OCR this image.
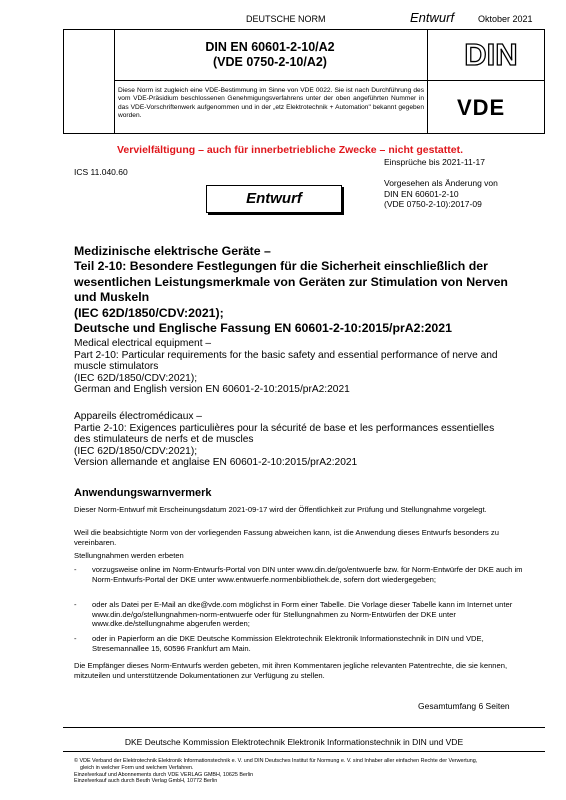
DEUTSCHE NORM	Entwurf	Oktober 2021
DIN EN 60601-2-10/A2
(VDE 0750-2-10/A2)	DIN
Diese Norm ist zugleich eine VDE-Bestimmung im Sinne von VDE 0022. Sie ist nach Durchführung des vom VDE-Präsidium beschlossenen Genehmigungsverfahrens unter der oben angeführten Nummer in das VDE-Vorschriftenwerk aufgenommen und in der „etz Elektrotechnik + Automation" bekannt gegeben worden.	VDE
Vervielfältigung – auch für innerbetriebliche Zwecke – nicht gestattet.
ICS 11.040.60
Einsprüche bis 2021-11-17
Vorgesehen als Änderung von
DIN EN 60601-2-10
(VDE 0750-2-10):2017-09
Entwurf
Medizinische elektrische Geräte –
Teil 2-10: Besondere Festlegungen für die Sicherheit einschließlich der
wesentlichen Leistungsmerkmale von Geräten zur Stimulation von Nerven
und Muskeln
(IEC 62D/1850/CDV:2021);
Deutsche und Englische Fassung EN 60601-2-10:2015/prA2:2021
Medical electrical equipment –
Part 2-10: Particular requirements for the basic safety and essential performance of nerve and
muscle stimulators
(IEC 62D/1850/CDV:2021);
German and English version EN 60601-2-10:2015/prA2:2021
Appareils électromédicaux –
Partie 2-10: Exigences particulières pour la sécurité de base et les performances essentielles
des stimulateurs de nerfs et de muscles
(IEC 62D/1850/CDV:2021);
Version allemande et anglaise EN 60601-2-10:2015/prA2:2021
Anwendungswarnvermerk
Dieser Norm-Entwurf mit Erscheinungsdatum 2021-09-17 wird der Öffentlichkeit zur Prüfung und Stellungnahme vorgelegt.
Weil die beabsichtigte Norm von der vorliegenden Fassung abweichen kann, ist die Anwendung dieses Entwurfs besonders zu vereinbaren.
Stellungnahmen werden erbeten
- vorzugsweise online im Norm-Entwurfs-Portal von DIN unter www.din.de/go/entwuerfe bzw. für Norm-Entwürfe der DKE auch im Norm-Entwurfs-Portal der DKE unter www.entwuerfe.normenbibliothek.de, sofern dort wiedergegeben;
- oder als Datei per E-Mail an dke@vde.com möglichst in Form einer Tabelle. Die Vorlage dieser Tabelle kann im Internet unter www.din.de/go/stellungnahmen-norm-entwuerfe oder für Stellungnahmen zu Norm-Entwürfen der DKE unter www.dke.de/stellungnahme abgerufen werden;
- oder in Papierform an die DKE Deutsche Kommission Elektrotechnik Elektronik Informationstechnik in DIN und VDE, Stresemannallee 15, 60596 Frankfurt am Main.
Die Empfänger dieses Norm-Entwurfs werden gebeten, mit ihren Kommentaren jegliche relevanten Patentrechte, die sie kennen, mitzuteilen und unterstützende Dokumentationen zur Verfügung zu stellen.
Gesamtumfang 6 Seiten
DKE Deutsche Kommission Elektrotechnik Elektronik Informationstechnik in DIN und VDE
© VDE Verband der Elektrotechnik Elektronik Informationstechnik e. V. und DIN Deutsches Institut für Normung e. V. sind Inhaber aller einfachen Rechte der Verwertung,
gleich in welcher Form und welchem Verfahren.
Einzelverkauf und Abonnements durch VDE VERLAG GMBH, 10625 Berlin
Einzelverkauf auch durch Beuth Verlag GmbH, 10772 Berlin
